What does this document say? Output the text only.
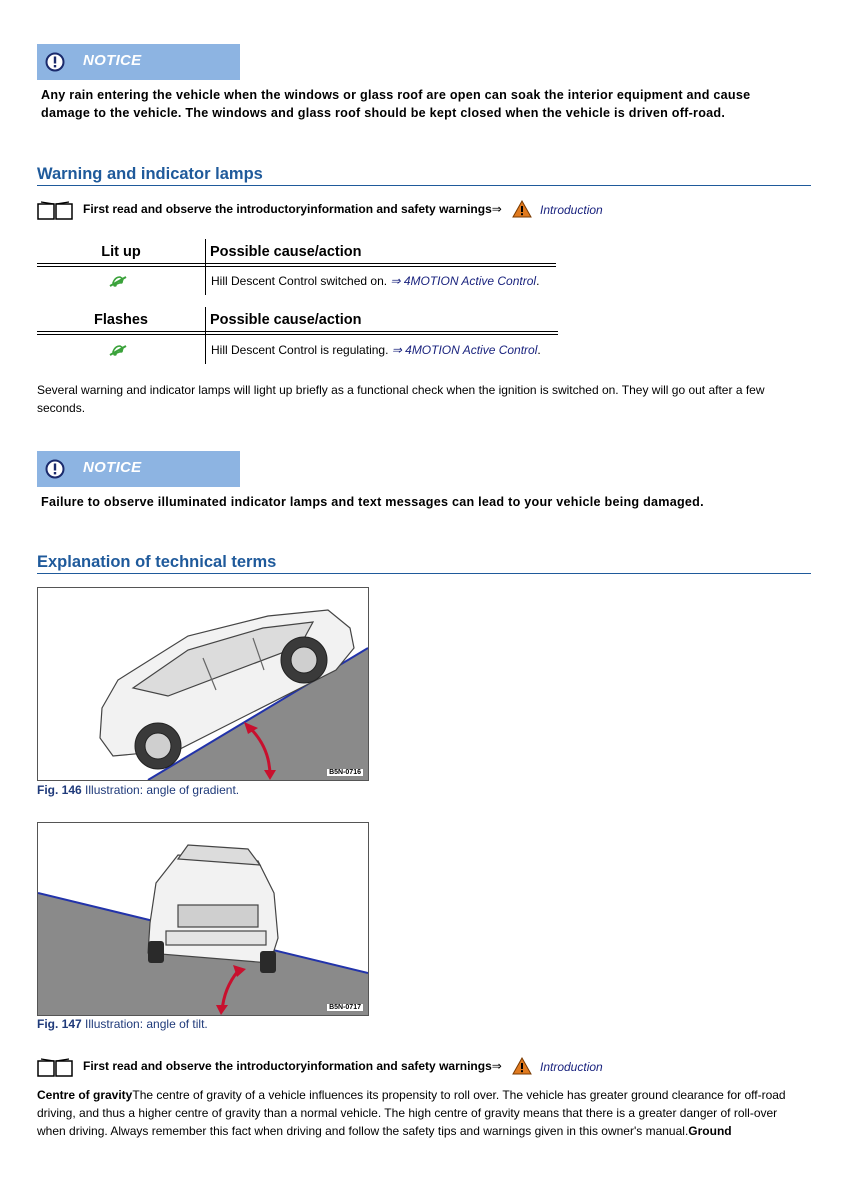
NOTICE
Any rain entering the vehicle when the windows or glass roof are open can soak the interior equipment and cause damage to the vehicle. The windows and glass roof should be kept closed when the vehicle is driven off-road.
Warning and indicator lamps
First read and observe the introductoryinformation and safety warnings⇒	Introduction
Lit up	Possible cause/action
Hill Descent Control switched on. ⇒ 4MOTION Active Control.
Flashes	Possible cause/action
Hill Descent Control is regulating. ⇒ 4MOTION Active Control.
Several warning and indicator lamps will light up briefly as a functional check when the ignition is switched on. They will go out after a few seconds.
NOTICE
Failure to observe illuminated indicator lamps and text messages can lead to your vehicle being damaged.
Explanation of technical terms
B5N-0716
Fig. 146 Illustration: angle of gradient.
B5N-0717
Fig. 147 Illustration: angle of tilt.
First read and observe the introductoryinformation and safety warnings⇒	Introduction
Centre of gravityThe centre of gravity of a vehicle influences its propensity to roll over. The vehicle has greater ground clearance for off-road driving, and thus a higher centre of gravity than a normal vehicle. The high centre of gravity means that there is a greater danger of roll-over when driving. Always remember this fact when driving and follow the safety tips and warnings given in this owner's manual.Ground
